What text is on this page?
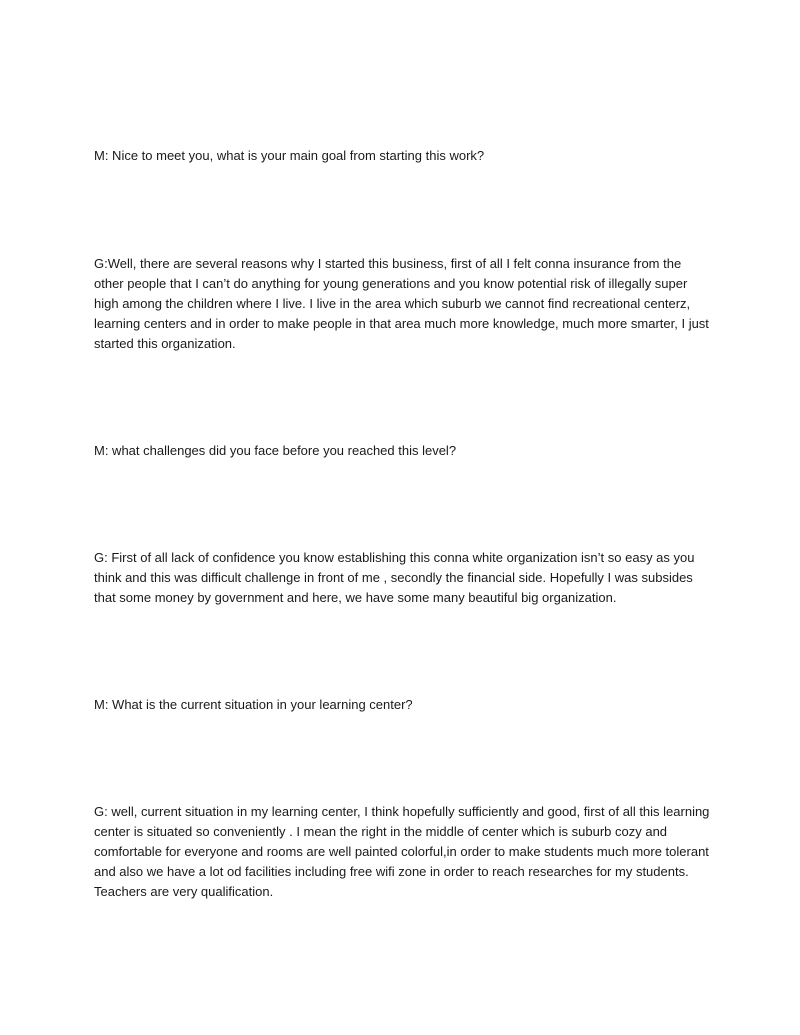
M: Nice to meet you, what is your main goal from starting this work?

G:Well, there are several reasons why I started this business, first of all I felt conna insurance from the other people that I can’t do anything for young generations and you know potential risk of illegally super high among the children where I live. I live in the area which suburb we cannot find recreational centerz, learning centers and in order to make people in that area much more knowledge, much more smarter, I just started this organization.

M: what challenges did you face before you reached this level?

G: First of all lack of confidence you know establishing this conna white organization isn’t so easy as you think and this was difficult challenge in front of me , secondly the financial side. Hopefully I was subsides that some money by government and here, we have some many beautiful big organization.

M: What is the current situation in your learning center?

G: well, current situation in my learning center, I think hopefully sufficiently and good, first of all this learning center is situated so conveniently . I mean the right in the middle of center which is suburb cozy and comfortable for everyone and rooms are well painted colorful,in order to make students much more tolerant and also we have a lot od facilities including free wifi zone in order to reach researches for my students. Teachers are very qualification.
